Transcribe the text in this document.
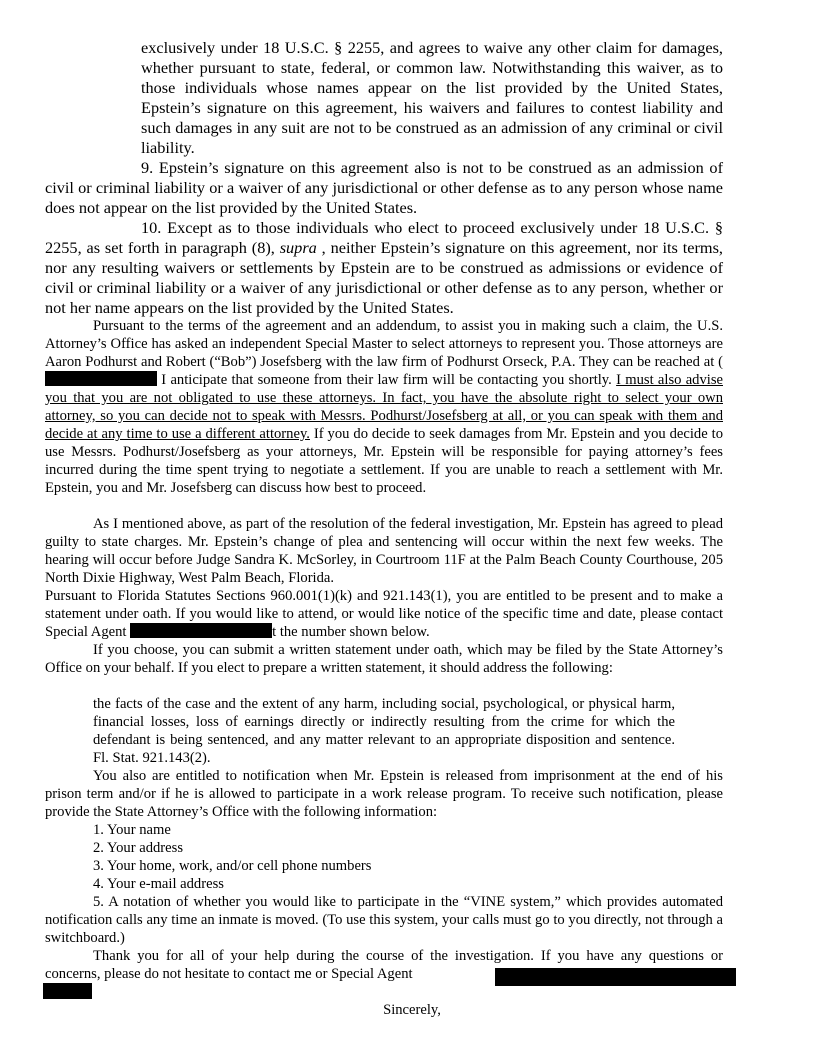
exclusively under 18 U.S.C. § 2255, and agrees to waive any other claim for damages, whether pursuant to state, federal, or common law. Notwithstanding this waiver, as to those individuals whose names appear on the list provided by the United States, Epstein’s signature on this agreement, his waivers and failures to contest liability and such damages in any suit are not to be construed as an admission of any criminal or civil liability.

9. Epstein’s signature on this agreement also is not to be construed as an admission of civil or criminal liability or a waiver of any jurisdictional or other defense as to any person whose name does not appear on the list provided by the United States.

10. Except as to those individuals who elect to proceed exclusively under 18 U.S.C. § 2255, as set forth in paragraph (8), supra , neither Epstein’s signature on this agreement, nor its terms, nor any resulting waivers or settlements by Epstein are to be construed as admissions or evidence of civil or criminal liability or a waiver of any jurisdictional or other defense as to any person, whether or not her name appears on the list provided by the United States.

Pursuant to the terms of the agreement and an addendum, to assist you in making such a claim, the U.S. Attorney’s Office has asked an independent Special Master to select attorneys to represent you. Those attorneys are Aaron Podhurst and Robert (“Bob”) Josefsberg with the law firm of Podhurst Orseck, P.A. They can be reached at ( I anticipate that someone from their law firm will be contacting you shortly. I must also advise you that you are not obligated to use these attorneys. In fact, you have the absolute right to select your own attorney, so you can decide not to speak with Messrs. Podhurst/Josefsberg at all, or you can speak with them and decide at any time to use a different attorney. If you do decide to seek damages from Mr. Epstein and you decide to use Messrs. Podhurst/Josefsberg as your attorneys, Mr. Epstein will be responsible for paying attorney’s fees incurred during the time spent trying to negotiate a settlement. If you are unable to reach a settlement with Mr. Epstein, you and Mr. Josefsberg can discuss how best to proceed.

As I mentioned above, as part of the resolution of the federal investigation, Mr. Epstein has agreed to plead guilty to state charges. Mr. Epstein’s change of plea and sentencing will occur within the next few weeks. The hearing will occur before Judge Sandra K. McSorley, in Courtroom 11F at the Palm Beach County Courthouse, 205 North Dixie Highway, West Palm Beach, Florida.

Pursuant to Florida Statutes Sections 960.001(1)(k) and 921.143(1), you are entitled to be present and to make a statement under oath. If you would like to attend, or would like notice of the specific time and date, please contact Special Agent	t the number shown below.

If you choose, you can submit a written statement under oath, which may be filed by the State Attorney’s Office on your behalf. If you elect to prepare a written statement, it should address the following:

the facts of the case and the extent of any harm, including social, psychological, or physical harm, financial losses, loss of earnings directly or indirectly resulting from the crime for which the defendant is being sentenced, and any matter relevant to an appropriate disposition and sentence. Fl. Stat. 921.143(2).

You also are entitled to notification when Mr. Epstein is released from imprisonment at the end of his prison term and/or if he is allowed to participate in a work release program. To receive such notification, please provide the State Attorney’s Office with the following information:

1. Your name
2. Your address
3. Your home, work, and/or cell phone numbers
4. Your e-mail address

5. A notation of whether you would like to participate in the “VINE system,” which provides automated notification calls any time an inmate is moved. (To use this system, your calls must go to you directly, not through a switchboard.)

Thank you for all of your help during the course of the investigation. If you have any questions or concerns, please do not hesitate to contact me or Special Agent

Sincerely,
